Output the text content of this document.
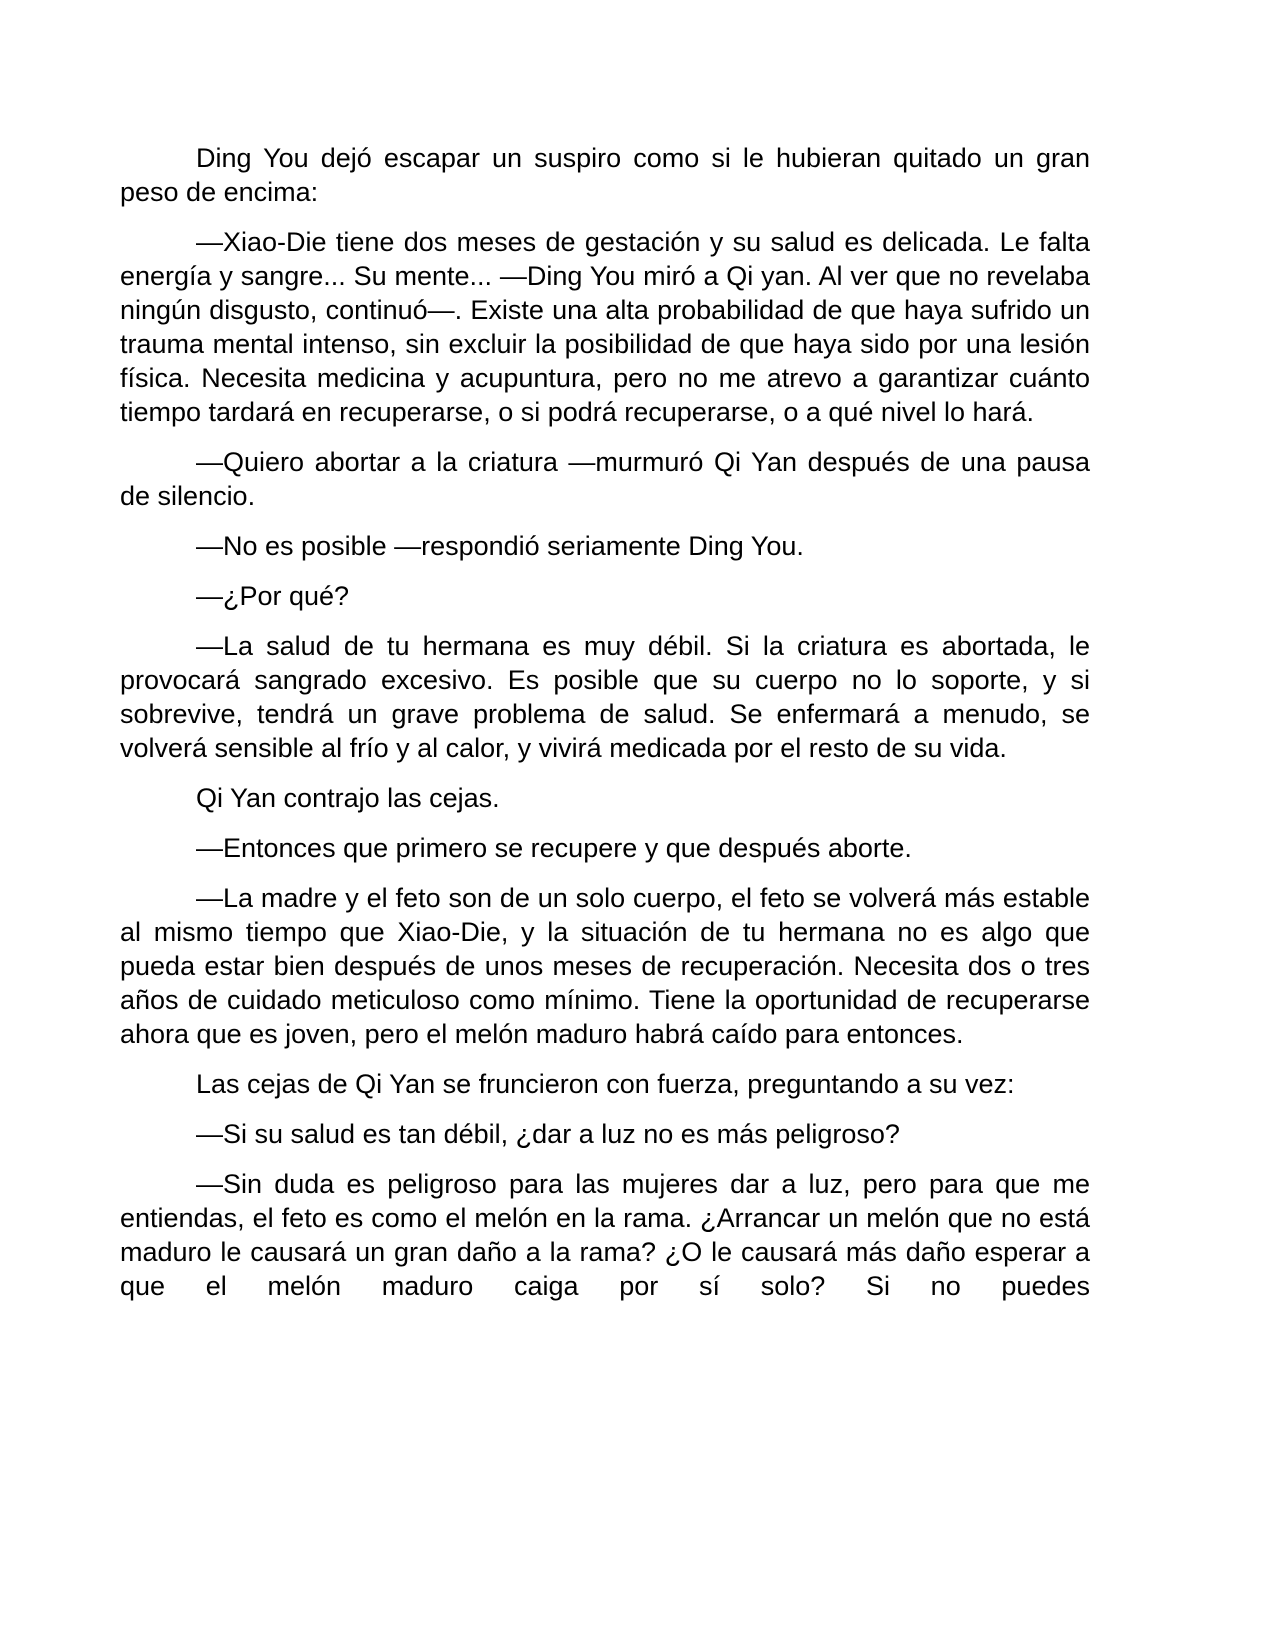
Ding You dejó escapar un suspiro como si le hubieran quitado un gran peso de encima:

—Xiao-Die tiene dos meses de gestación y su salud es delicada. Le falta energía y sangre... Su mente... —Ding You miró a Qi yan. Al ver que no revelaba ningún disgusto, continuó—. Existe una alta probabilidad de que haya sufrido un trauma mental intenso, sin excluir la posibilidad de que haya sido por una lesión física. Necesita medicina y acupuntura, pero no me atrevo a garantizar cuánto tiempo tardará en recuperarse, o si podrá recuperarse, o a qué nivel lo hará.

—Quiero abortar a la criatura —murmuró Qi Yan después de una pausa de silencio.

—No es posible —respondió seriamente Ding You.

—¿Por qué?

—La salud de tu hermana es muy débil. Si la criatura es abortada, le provocará sangrado excesivo. Es posible que su cuerpo no lo soporte, y si sobrevive, tendrá un grave problema de salud. Se enfermará a menudo, se volverá sensible al frío y al calor, y vivirá medicada por el resto de su vida.

Qi Yan contrajo las cejas.

—Entonces que primero se recupere y que después aborte.

—La madre y el feto son de un solo cuerpo, el feto se volverá más estable al mismo tiempo que Xiao-Die, y la situación de tu hermana no es algo que pueda estar bien después de unos meses de recuperación. Necesita dos o tres años de cuidado meticuloso como mínimo. Tiene la oportunidad de recuperarse ahora que es joven, pero el melón maduro habrá caído para entonces.

Las cejas de Qi Yan se fruncieron con fuerza, preguntando a su vez:

—Si su salud es tan débil, ¿dar a luz no es más peligroso?

—Sin duda es peligroso para las mujeres dar a luz, pero para que me entiendas, el feto es como el melón en la rama. ¿Arrancar un melón que no está maduro le causará un gran daño a la rama? ¿O le causará más daño esperar a que el melón maduro caiga por sí solo? Si no puedes
